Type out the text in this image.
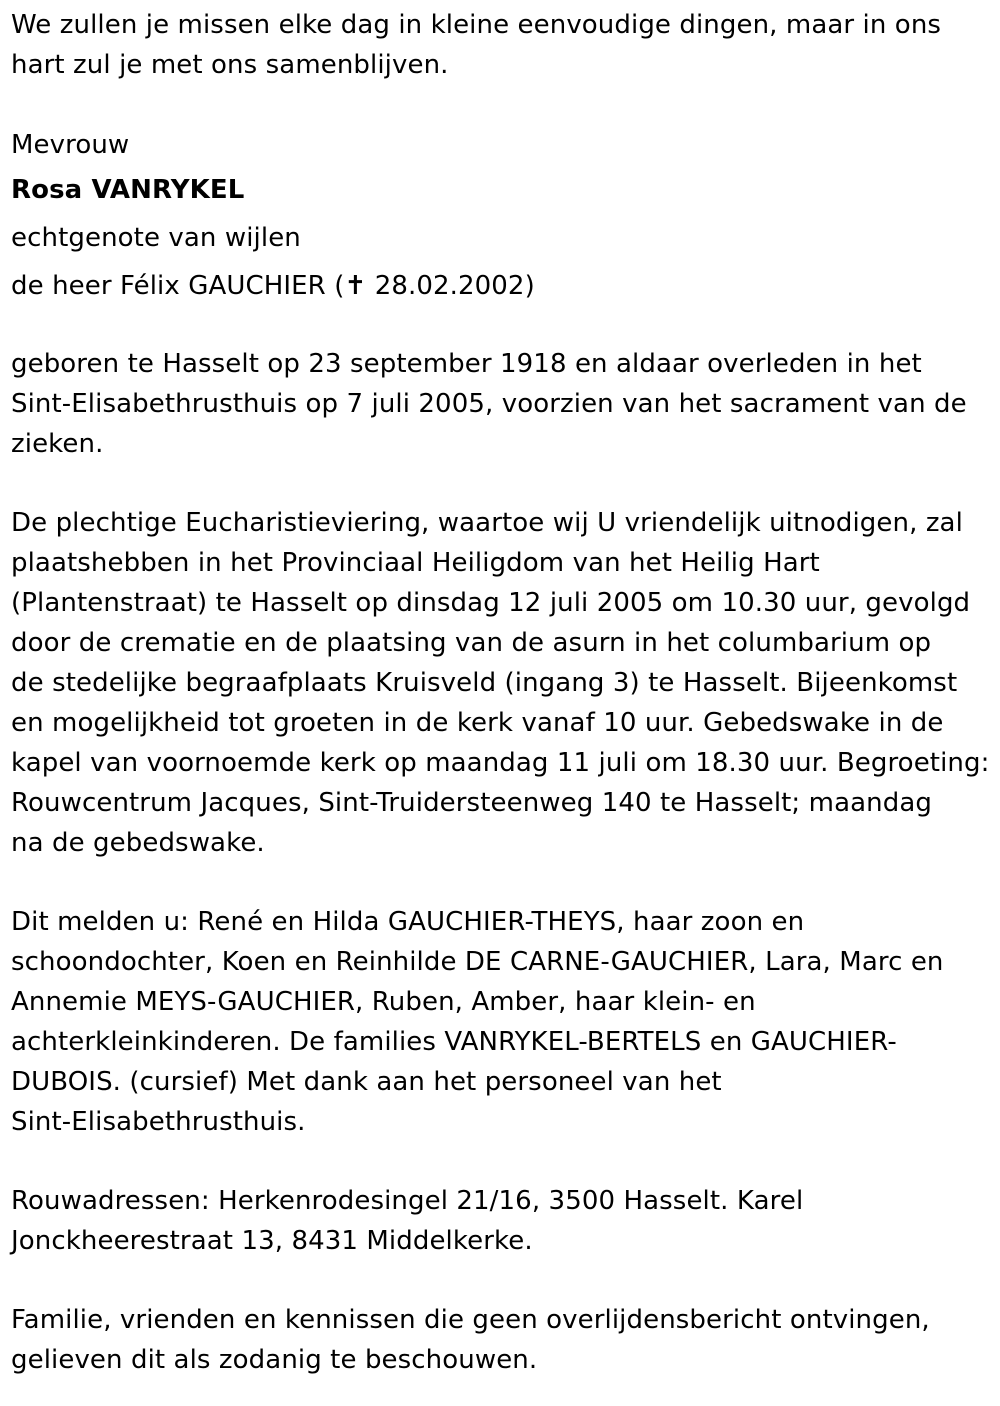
We zullen je missen elke dag in kleine eenvoudige dingen, maar in ons
hart zul je met ons samenblijven.
Mevrouw
Rosa VANRYKEL
echtgenote van wijlen
de heer Félix GAUCHIER (✝ 28.02.2002)
geboren te Hasselt op 23 september 1918 en aldaar overleden in het
Sint-Elisabethrusthuis op 7 juli 2005, voorzien van het sacrament van de
zieken.
De plechtige Eucharistieviering, waartoe wij U vriendelijk uitnodigen, zal
plaatshebben in het Provinciaal Heiligdom van het Heilig Hart
(Plantenstraat) te Hasselt op dinsdag 12 juli 2005 om 10.30 uur, gevolgd
door de crematie en de plaatsing van de asurn in het columbarium op
de stedelijke begraafplaats Kruisveld (ingang 3) te Hasselt. Bijeenkomst
en mogelijkheid tot groeten in de kerk vanaf 10 uur. Gebedswake in de
kapel van voornoemde kerk op maandag 11 juli om 18.30 uur. Begroeting:
Rouwcentrum Jacques, Sint-Truidersteenweg 140 te Hasselt; maandag
na de gebedswake.
Dit melden u: René en Hilda GAUCHIER-THEYS, haar zoon en
schoondochter, Koen en Reinhilde DE CARNE-GAUCHIER, Lara, Marc en
Annemie MEYS-GAUCHIER, Ruben, Amber, haar klein- en
achterkleinkinderen. De families VANRYKEL-BERTELS en GAUCHIER-
DUBOIS. (cursief) Met dank aan het personeel van het
Sint-Elisabethrusthuis.
Rouwadressen: Herkenrodesingel 21/16, 3500 Hasselt. Karel
Jonckheerestraat 13, 8431 Middelkerke.
Familie, vrienden en kennissen die geen overlijdensbericht ontvingen,
gelieven dit als zodanig te beschouwen.
